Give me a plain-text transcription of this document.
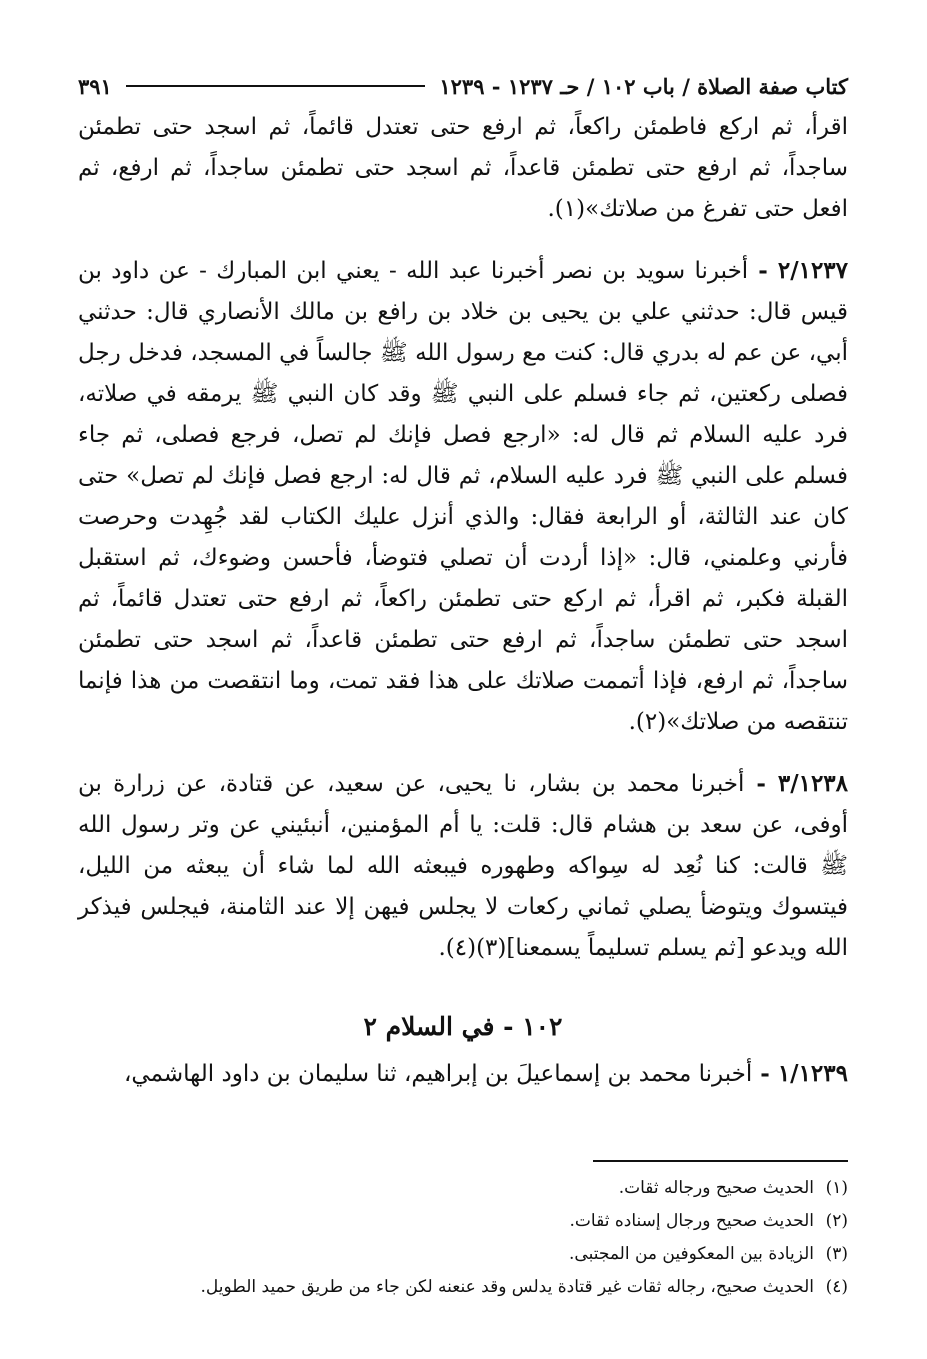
كتاب صفة الصلاة / باب ١٠٢ / حـ ١٢٣٧ - ١٢٣٩
٣٩١

اقرأ، ثم اركع فاطمئن راكعاً، ثم ارفع حتى تعتدل قائماً، ثم اسجد حتى تطمئن ساجداً، ثم ارفع حتى تطمئن قاعداً، ثم اسجد حتى تطمئن ساجداً، ثم ارفع، ثم افعل حتى تفرغ من صلاتك»(١).

٢/١٢٣٧ - أخبرنا سويد بن نصر أخبرنا عبد الله - يعني ابن المبارك - عن داود بن قيس قال: حدثني علي بن يحيى بن خلاد بن رافع بن مالك الأنصاري قال: حدثني أبي، عن عم له بدري قال: كنت مع رسول الله ﷺ جالساً في المسجد، فدخل رجل فصلى ركعتين، ثم جاء فسلم على النبي ﷺ وقد كان النبي ﷺ يرمقه في صلاته، فرد عليه السلام ثم قال له: «ارجع فصل فإنك لم تصل، فرجع فصلى، ثم جاء فسلم على النبي ﷺ فرد عليه السلام، ثم قال له: ارجع فصل فإنك لم تصل» حتى كان عند الثالثة، أو الرابعة فقال: والذي أنزل عليك الكتاب لقد جُهِدت وحرصت فأرني وعلمني، قال: «إذا أردت أن تصلي فتوضأ، فأحسن وضوءك، ثم استقبل القبلة فكبر، ثم اقرأ، ثم اركع حتى تطمئن راكعاً، ثم ارفع حتى تعتدل قائماً، ثم اسجد حتى تطمئن ساجداً، ثم ارفع حتى تطمئن قاعداً، ثم اسجد حتى تطمئن ساجداً، ثم ارفع، فإذا أتممت صلاتك على هذا فقد تمت، وما انتقصت من هذا فإنما تنتقصه من صلاتك»(٢).

٣/١٢٣٨ - أخبرنا محمد بن بشار، نا يحيى، عن سعيد، عن قتادة، عن زرارة بن أوفى، عن سعد بن هشام قال: قلت: يا أم المؤمنين، أنبئيني عن وتر رسول الله ﷺ قالت: كنا نُعِد له سِواكه وطهوره فيبعثه الله لما شاء أن يبعثه من الليل، فيتسوك ويتوضأ يصلي ثماني ركعات لا يجلس فيهن إلا عند الثامنة، فيجلس فيذكر الله ويدعو [ثم يسلم تسليماً يسمعنا](٣)(٤).

١٠٢ - في السلام ٢

١/١٢٣٩ - أخبرنا محمد بن إسماعيلَ بن إبراهيم، ثنا سليمان بن داود الهاشمي،

(١)
الحديث صحيح ورجاله ثقات.
(٢)
الحديث صحيح ورجال إسناده ثقات.
(٣)
الزيادة بين المعكوفين من المجتبى.
(٤)
الحديث صحيح، رجاله ثقات غير قتادة يدلس وقد عنعنه لكن جاء من طريق حميد الطويل.
